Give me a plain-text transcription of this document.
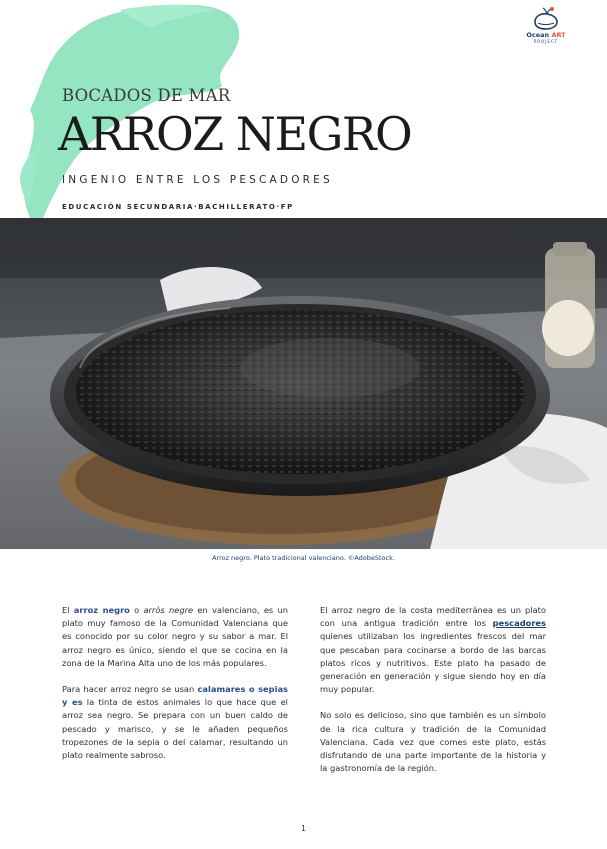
Ocean ART
PROJECT
BOCADOS DE MAR
ARROZ NEGRO
INGENIO ENTRE LOS PESCADORES
EDUCACIÓN SECUNDARIA·BACHILLERATO·FP
Arroz negro. Plato tradicional valenciano. ©AdobeStock.

El arroz negro o arròs negre en valenciano, es un plato muy famoso de la Comunidad Valenciana que es conocido por su color negro y su sabor a mar. El arroz negro es único, siendo el que se cocina en la zona de la Marina Alta uno de los más populares.

Para hacer arroz negro se usan calamares o sepias y es la tinta de estos animales lo que hace que el arroz sea negro. Se prepara con un buen caldo de pescado y marisco, y se le añaden pequeños tropezones de la sepia o del calamar, resultando un plato realmente sabroso.

El arroz negro de la costa mediterránea es un plato con una antigua tradición entre los pescadores quienes utilizaban los ingredientes frescos del mar que pescaban para cocinarse a bordo de las barcas platos ricos y nutritivos. Este plato ha pasado de generación en generación y sigue siendo hoy en día muy popular.

No solo es delicioso, sino que también es un símbolo de la rica cultura y tradición de la Comunidad Valenciana. Cada vez que comes este plato, estás disfrutando de una parte importante de la historia y la gastronomía de la región.

1
